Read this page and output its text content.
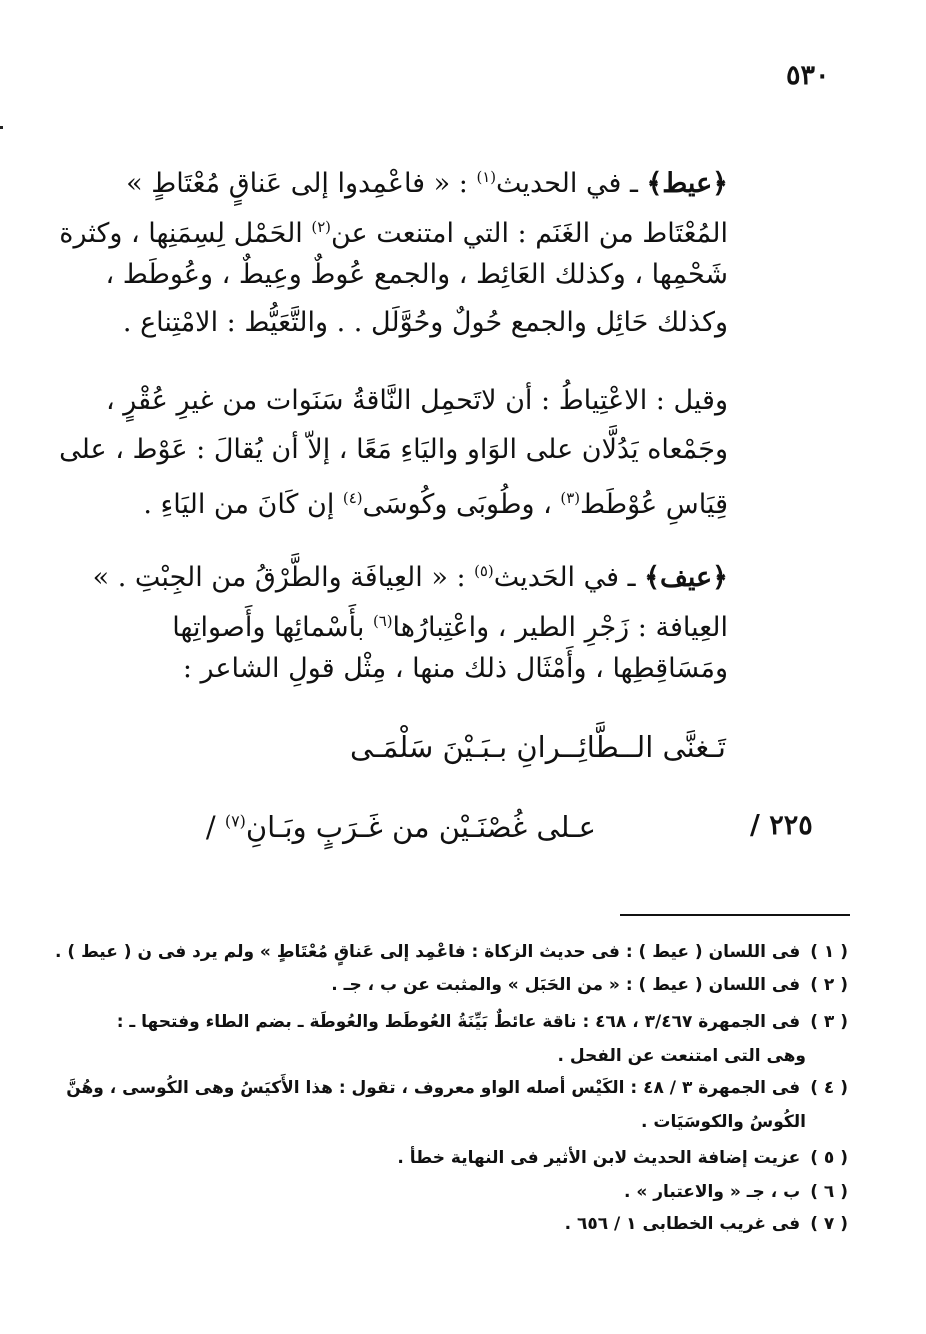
٥٣٠
﴿عيط﴾ ـ في الحديث$^{(١)}$ : « فاعْمِدوا إلى عَناقٍ مُعْتَاطٍ »
المُعْتَاط من الغَنَم : التي امتنعت عن$^{(٢)}$ الحَمْل لِسِمَنِها ، وكثرة
شَحْمِها ، وكذلك العَائِط ، والجمع عُوطٌ وعِيطٌ ، وعُوطَط ،
وكذلك حَائِل والجمع حُولٌ وحُوَّلَل . . والتَّعَيُّط : الامْتِناع .
وقيل : الاعْتِياطُ : أن لاتَحمِل النَّاقةُ سَنَوات من غيرِ عُقْرٍ ،
وجَمْعاه يَدُلَّان على الوَاو واليَاءِ مَعًا ، إلاّ أن يُقالَ : عَوْط ، على
قِيَاسِ عُوْطَط$^{(٣)}$ ، وطُوبَى وكُوسَى$^{(٤)}$ إن كَانَ من اليَاءِ .
﴿عيف﴾ ـ في الحَديث$^{(٥)}$ : « العِيافَة والطَّرْقُ من الجِبْتِ . »
العِيافة : زَجْرِ الطير ، واعْتِبارُها$^{(٦)}$ بأَسْمائِها وأَصواتِها
ومَسَاقِطِها ، وأَمْثَال ذلك منها ، مِثْل قولِ الشاعر :
تَـغنَّى الــطَّائِــرانِ بـبَـيْنَ سَلْمَـى
عـلى غُصْنَـيْن من غَـرَبٍ وبَـانِ$^{(٧)}$ /	٢٢٥ /
( ١ )فى اللسان ( عيط ) : فى حديث الزكاة : فاعْمِد إلى عَناقٍ مُعْتَاطٍ » ولم يرد فى ن ( عيط ) .
( ٢ )فى اللسان ( عيط ) : « من الحَبَل » والمثبت عن ب ، جـ .
( ٣ )فى الجمهرة ٣/٤٦٧ ، ٤٦٨ : ناقة عائطٌ بَيِّنَةُ العُوطَط والعُوطَة ـ بضم الطاء وفتحها ـ :
وهى التى امتنعت عن الفحل .
( ٤ )فى الجمهرة ٣ / ٤٨ : الكَيْس أصله الواو معروف ، تقول : هذا الأَكيَسُ وهى الكُوسى ، وهُنَّ
الكُوسُ والكوسَيَات .
( ٥ )عزيت إضافة الحديث لابن الأثير فى النهاية خطأ .
( ٦ )ب ، جـ « والاعتبار » .
( ٧ )فى غريب الخطابى ١ / ٦٥٦ .
